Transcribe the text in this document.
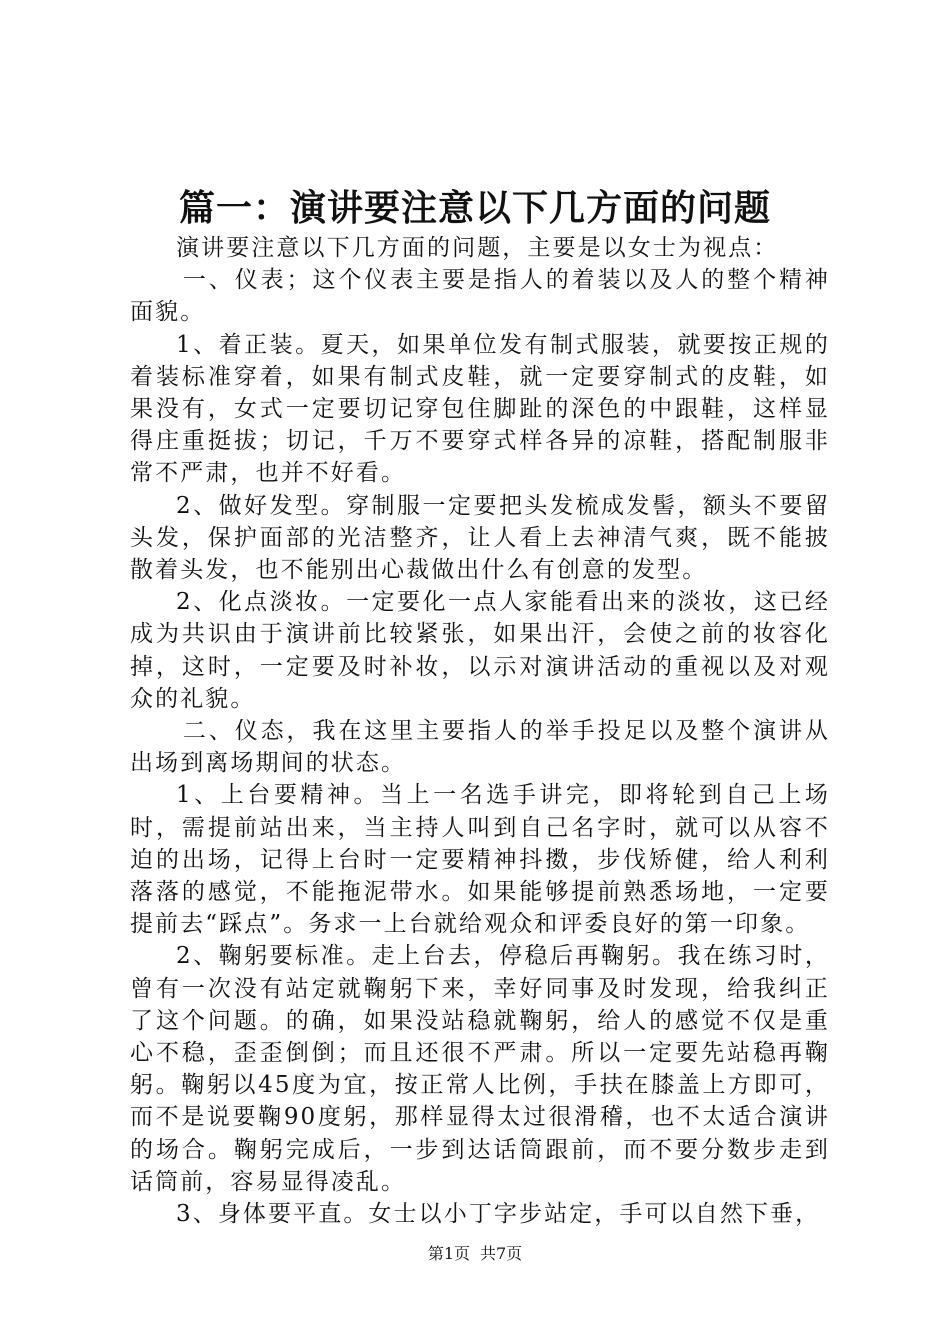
篇一：演讲要注意以下几方面的问题

演讲要注意以下几方面的问题，主要是以女士为视点：

一、仪表；这个仪表主要是指人的着装以及人的整个精神面貌。

1、着正装。夏天，如果单位发有制式服装，就要按正规的着装标准穿着，如果有制式皮鞋，就一定要穿制式的皮鞋，如果没有，女式一定要切记穿包住脚趾的深色的中跟鞋，这样显得庄重挺拔；切记，千万不要穿式样各异的凉鞋，搭配制服非常不严肃，也并不好看。

2、做好发型。穿制服一定要把头发梳成发髻，额头不要留头发，保护面部的光洁整齐，让人看上去神清气爽，既不能披散着头发，也不能别出心裁做出什么有创意的发型。

2、化点淡妆。一定要化一点人家能看出来的淡妆，这已经成为共识由于演讲前比较紧张，如果出汗，会使之前的妆容化掉，这时，一定要及时补妆，以示对演讲活动的重视以及对观众的礼貌。

二、仪态，我在这里主要指人的举手投足以及整个演讲从出场到离场期间的状态。

1、上台要精神。当上一名选手讲完，即将轮到自己上场时，需提前站出来，当主持人叫到自己名字时，就可以从容不迫的出场，记得上台时一定要精神抖擞，步伐矫健，给人利利落落的感觉，不能拖泥带水。如果能够提前熟悉场地，一定要提前去“踩点”。务求一上台就给观众和评委良好的第一印象。

2、鞠躬要标准。走上台去，停稳后再鞠躬。我在练习时，曾有一次没有站定就鞠躬下来，幸好同事及时发现，给我纠正了这个问题。的确，如果没站稳就鞠躬，给人的感觉不仅是重心不稳，歪歪倒倒；而且还很不严肃。所以一定要先站稳再鞠躬。鞠躬以45度为宜，按正常人比例，手扶在膝盖上方即可，而不是说要鞠90度躬，那样显得太过很滑稽，也不太适合演讲的场合。鞠躬完成后，一步到达话筒跟前，而不要分数步走到话筒前，容易显得凌乱。

3、身体要平直。女士以小丁字步站定，手可以自然下垂，

第1页 共7页
